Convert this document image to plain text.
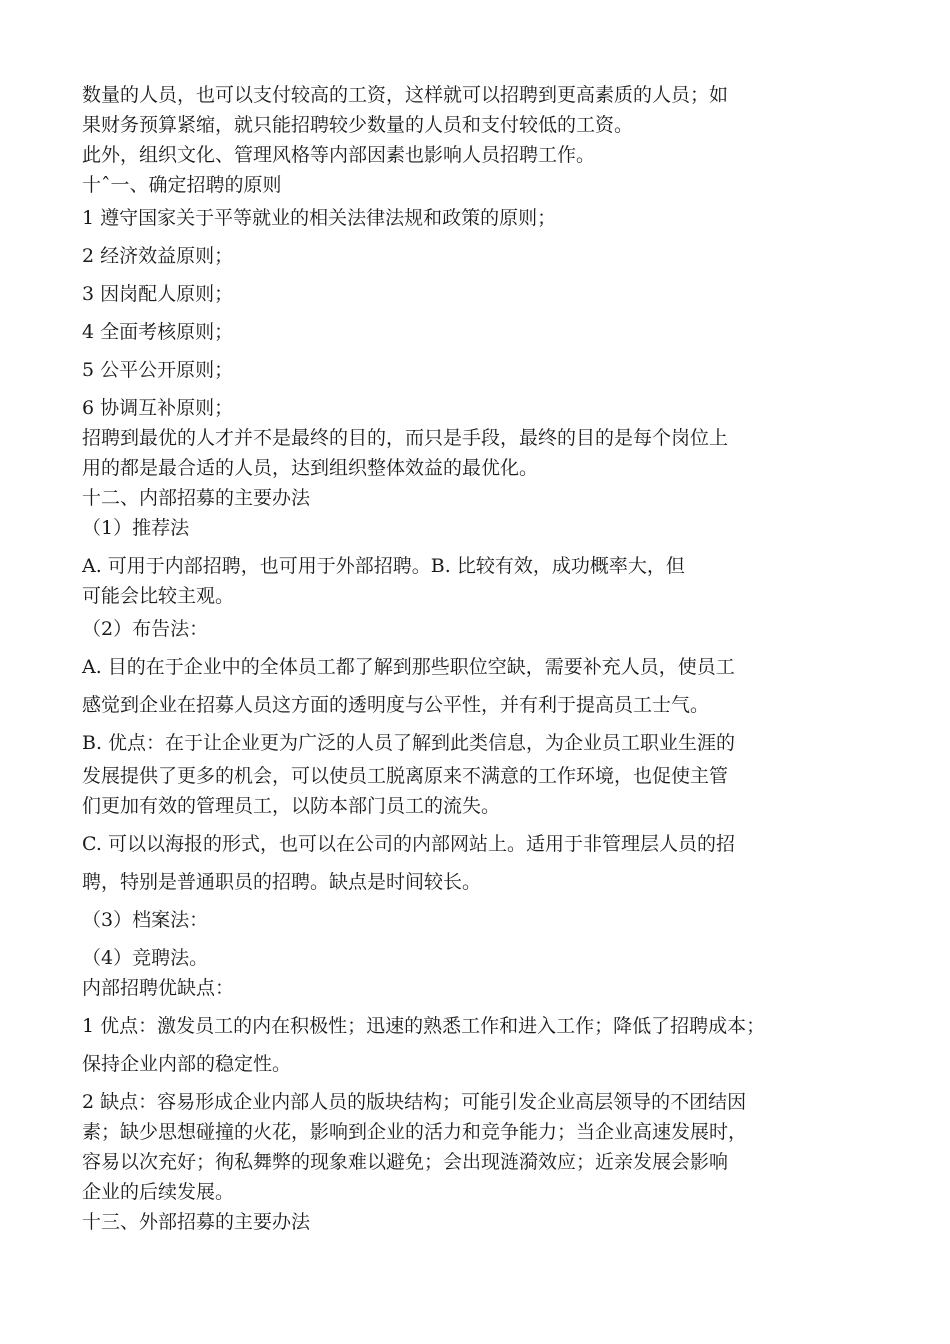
数量的人员，也可以支付较高的工资，这样就可以招聘到更高素质的人员；如
果财务预算紧缩，就只能招聘较少数量的人员和支付较低的工资。
此外，组织文化、管理风格等内部因素也影响人员招聘工作。
十ˆ一、确定招聘的原则
1 遵守国家关于平等就业的相关法律法规和政策的原则；
2 经济效益原则；
3 因岗配人原则；
4 全面考核原则；
5 公平公开原则；
6 协调互补原则；
招聘到最优的人才并不是最终的目的，而只是手段，最终的目的是每个岗位上
用的都是最合适的人员，达到组织整体效益的最优化。
十二、内部招募的主要办法
（1）推荐法
A. 可用于内部招聘，也可用于外部招聘。B. 比较有效，成功概率大，但
可能会比较主观。
（2）布告法：
A. 目的在于企业中的全体员工都了解到那些职位空缺，需要补充人员，使员工
感觉到企业在招募人员这方面的透明度与公平性，并有利于提高员工士气。
B. 优点：在于让企业更为广泛的人员了解到此类信息，为企业员工职业生涯的
发展提供了更多的机会，可以使员工脱离原来不满意的工作环境，也促使主管
们更加有效的管理员工，以防本部门员工的流失。
C. 可以以海报的形式，也可以在公司的内部网站上。适用于非管理层人员的招
聘，特别是普通职员的招聘。缺点是时间较长。
（3）档案法：
（4）竞聘法。
内部招聘优缺点：
1 优点：激发员工的内在积极性；迅速的熟悉工作和进入工作；降低了招聘成本；
保持企业内部的稳定性。
2 缺点：容易形成企业内部人员的版块结构；可能引发企业高层领导的不团结因
素；缺少思想碰撞的火花，影响到企业的活力和竞争能力；当企业高速发展时，
容易以次充好；徇私舞弊的现象难以避免；会出现涟漪效应；近亲发展会影响
企业的后续发展。
十三、外部招募的主要办法
